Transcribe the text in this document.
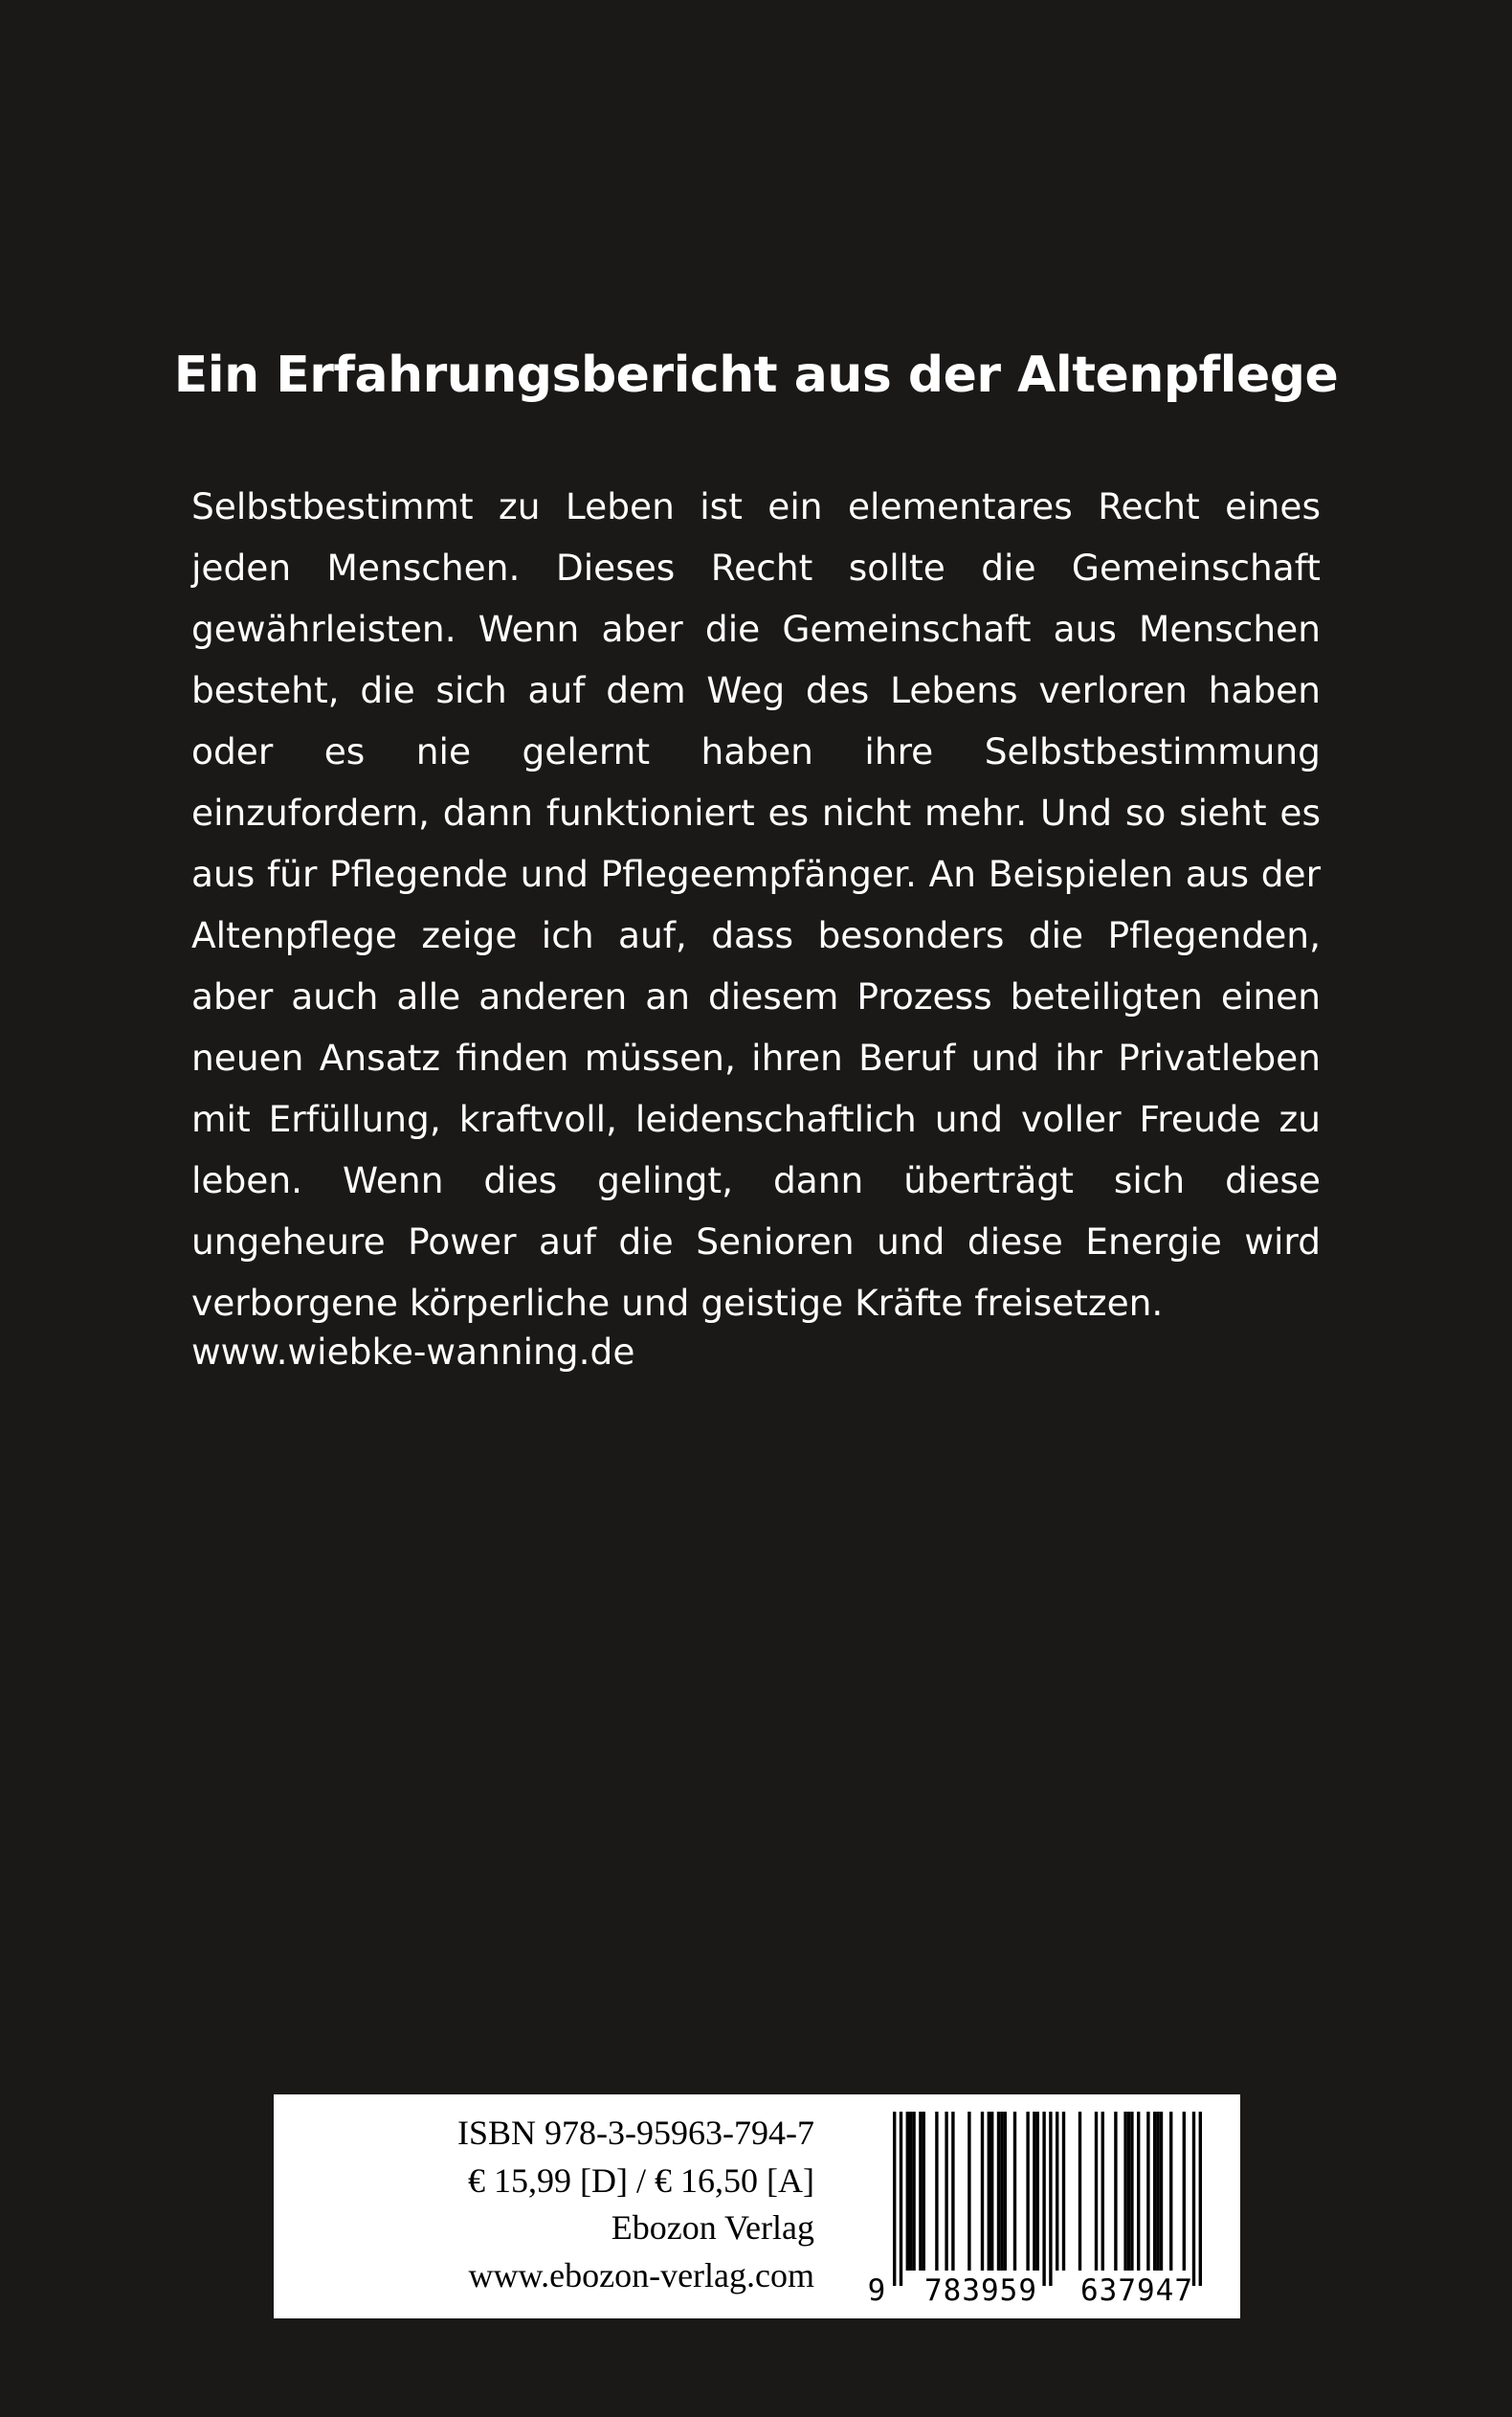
Ein Erfahrungsbericht aus der Altenpflege
Selbstbestimmt zu Leben ist ein elementares Recht eines jeden Menschen. Dieses Recht sollte die Gemeinschaft gewährleisten. Wenn aber die Gemeinschaft aus Menschen besteht, die sich auf dem Weg des Lebens verloren haben oder es nie gelernt haben ihre Selbstbestimmung einzufordern, dann funktioniert es nicht mehr. Und so sieht es aus für Pflegende und Pflegeempfänger. An Beispielen aus der Altenpflege zeige ich auf, dass besonders die Pflegenden, aber auch alle anderen an diesem Prozess beteiligten einen neuen Ansatz finden müssen, ihren Beruf und ihr Privatleben mit Erfüllung, kraftvoll, leidenschaftlich und voller Freude zu leben. Wenn dies gelingt, dann überträgt sich diese ungeheure Power auf die Senioren und diese Energie wird verborgene körperliche und geistige Kräfte freisetzen.
www.wiebke-wanning.de
ISBN 978-3-95963-794-7
€ 15,99 [D] / € 16,50 [A]
Ebozon Verlag
www.ebozon-verlag.com 9 783959 637947
